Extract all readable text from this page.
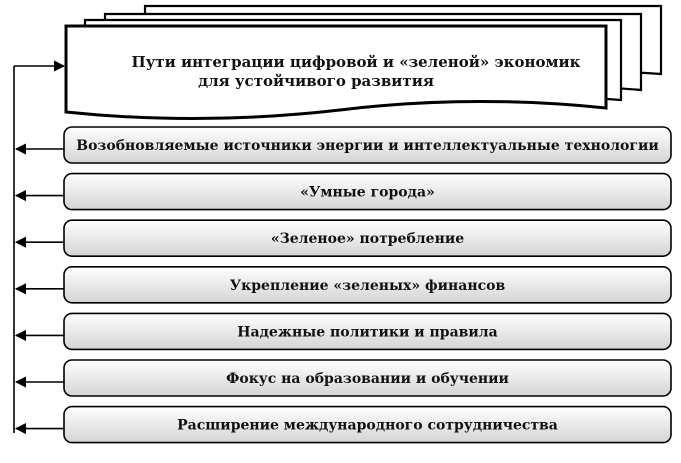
Пути интеграции цифровой и «зеленой» экономик
для устойчивого развития
Возобновляемые источники энергии и интеллектуальные технологии
«Умные города»
«Зеленое» потребление
Укрепление «зеленых» финансов
Надежные политики и правила
Фокус на образовании и обучении
Расширение международного сотрудничества
